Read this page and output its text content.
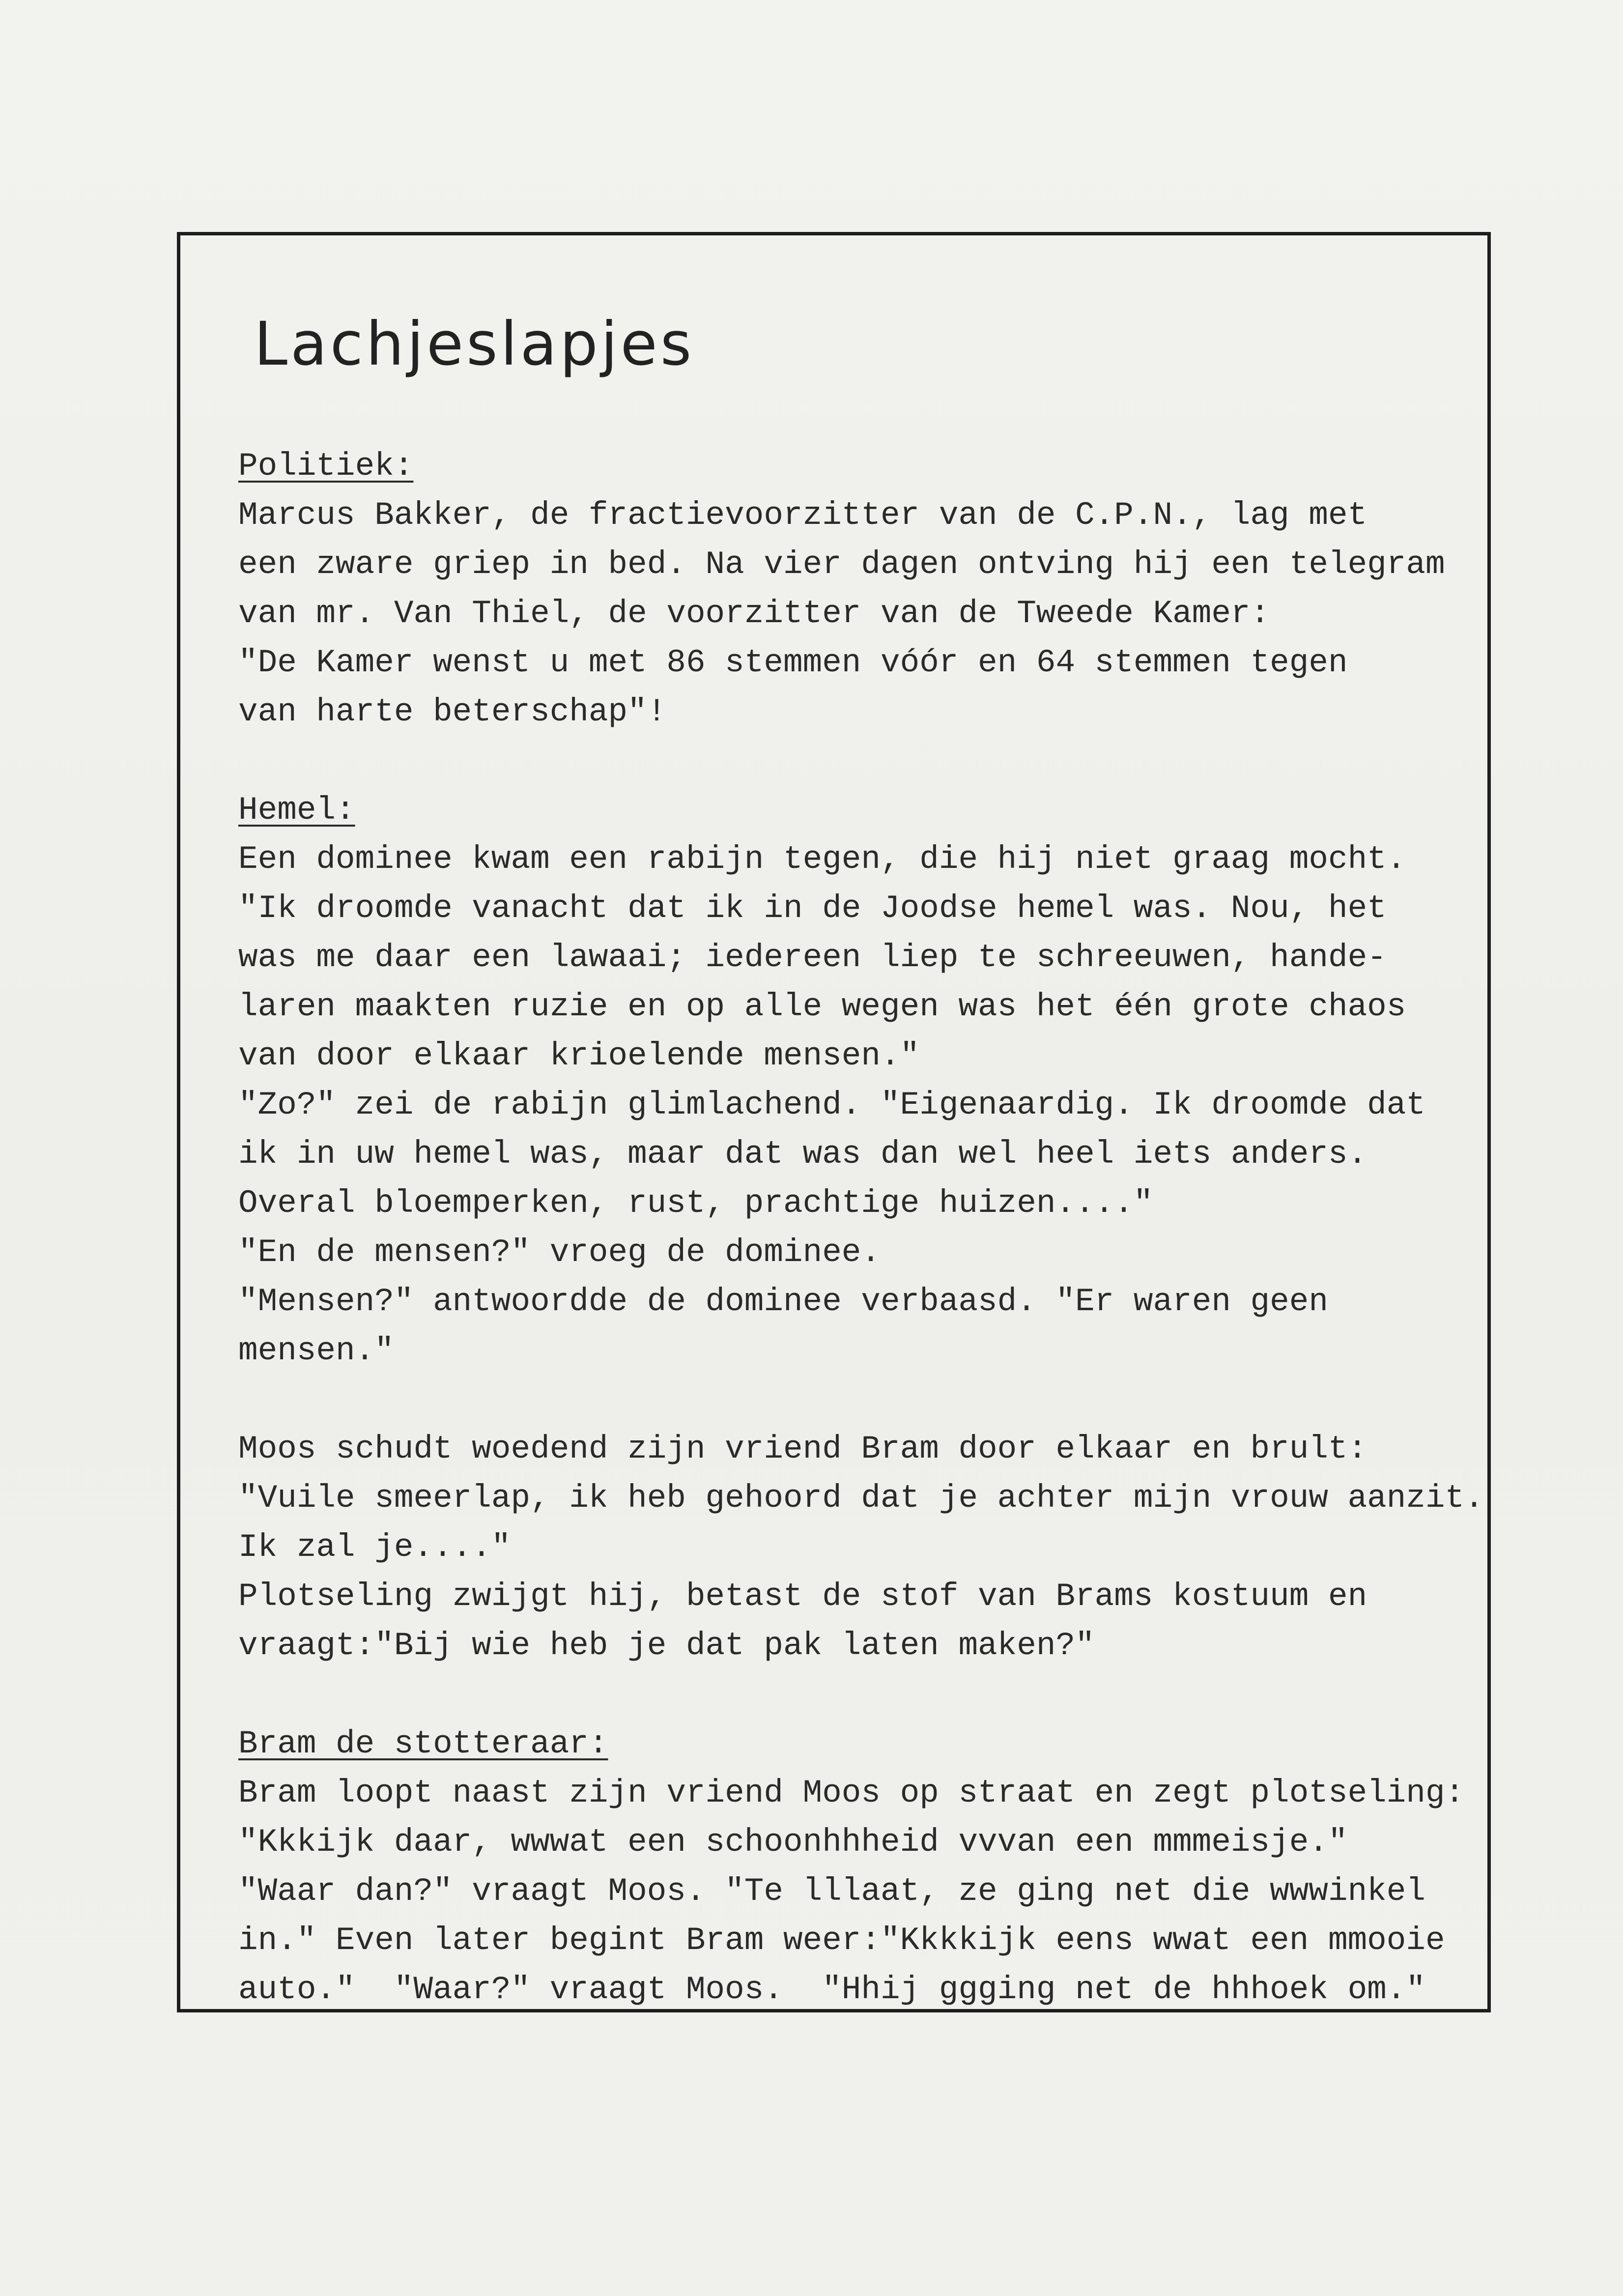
Lachjeslapjes
Politiek:
Marcus Bakker, de fractievoorzitter van de C.P.N., lag met
een zware griep in bed. Na vier dagen ontving hij een telegram
van mr. Van Thiel, de voorzitter van de Tweede Kamer:
"De Kamer wenst u met 86 stemmen vóór en 64 stemmen tegen
van harte beterschap"!
Hemel:
Een dominee kwam een rabijn tegen, die hij niet graag mocht.
"Ik droomde vanacht dat ik in de Joodse hemel was. Nou, het
was me daar een lawaai; iedereen liep te schreeuwen, hande-
laren maakten ruzie en op alle wegen was het één grote chaos
van door elkaar krioelende mensen."
"Zo?" zei de rabijn glimlachend. "Eigenaardig. Ik droomde dat
ik in uw hemel was, maar dat was dan wel heel iets anders.
Overal bloemperken, rust, prachtige huizen...."
"En de mensen?" vroeg de dominee.
"Mensen?" antwoordde de dominee verbaasd. "Er waren geen
mensen."
Moos schudt woedend zijn vriend Bram door elkaar en brult:
"Vuile smeerlap, ik heb gehoord dat je achter mijn vrouw aanzit.
Ik zal je...."
Plotseling zwijgt hij, betast de stof van Brams kostuum en
vraagt:"Bij wie heb je dat pak laten maken?"
Bram de stotteraar:
Bram loopt naast zijn vriend Moos op straat en zegt plotseling:
"Kkkijk daar, wwwat een schoonhhheid vvvan een mmmeisje."
"Waar dan?" vraagt Moos. "Te lllaat, ze ging net die wwwinkel
in." Even later begint Bram weer:"Kkkkijk eens wwat een mmooie
auto."  "Waar?" vraagt Moos.  "Hhij ggging net de hhhoek om."
